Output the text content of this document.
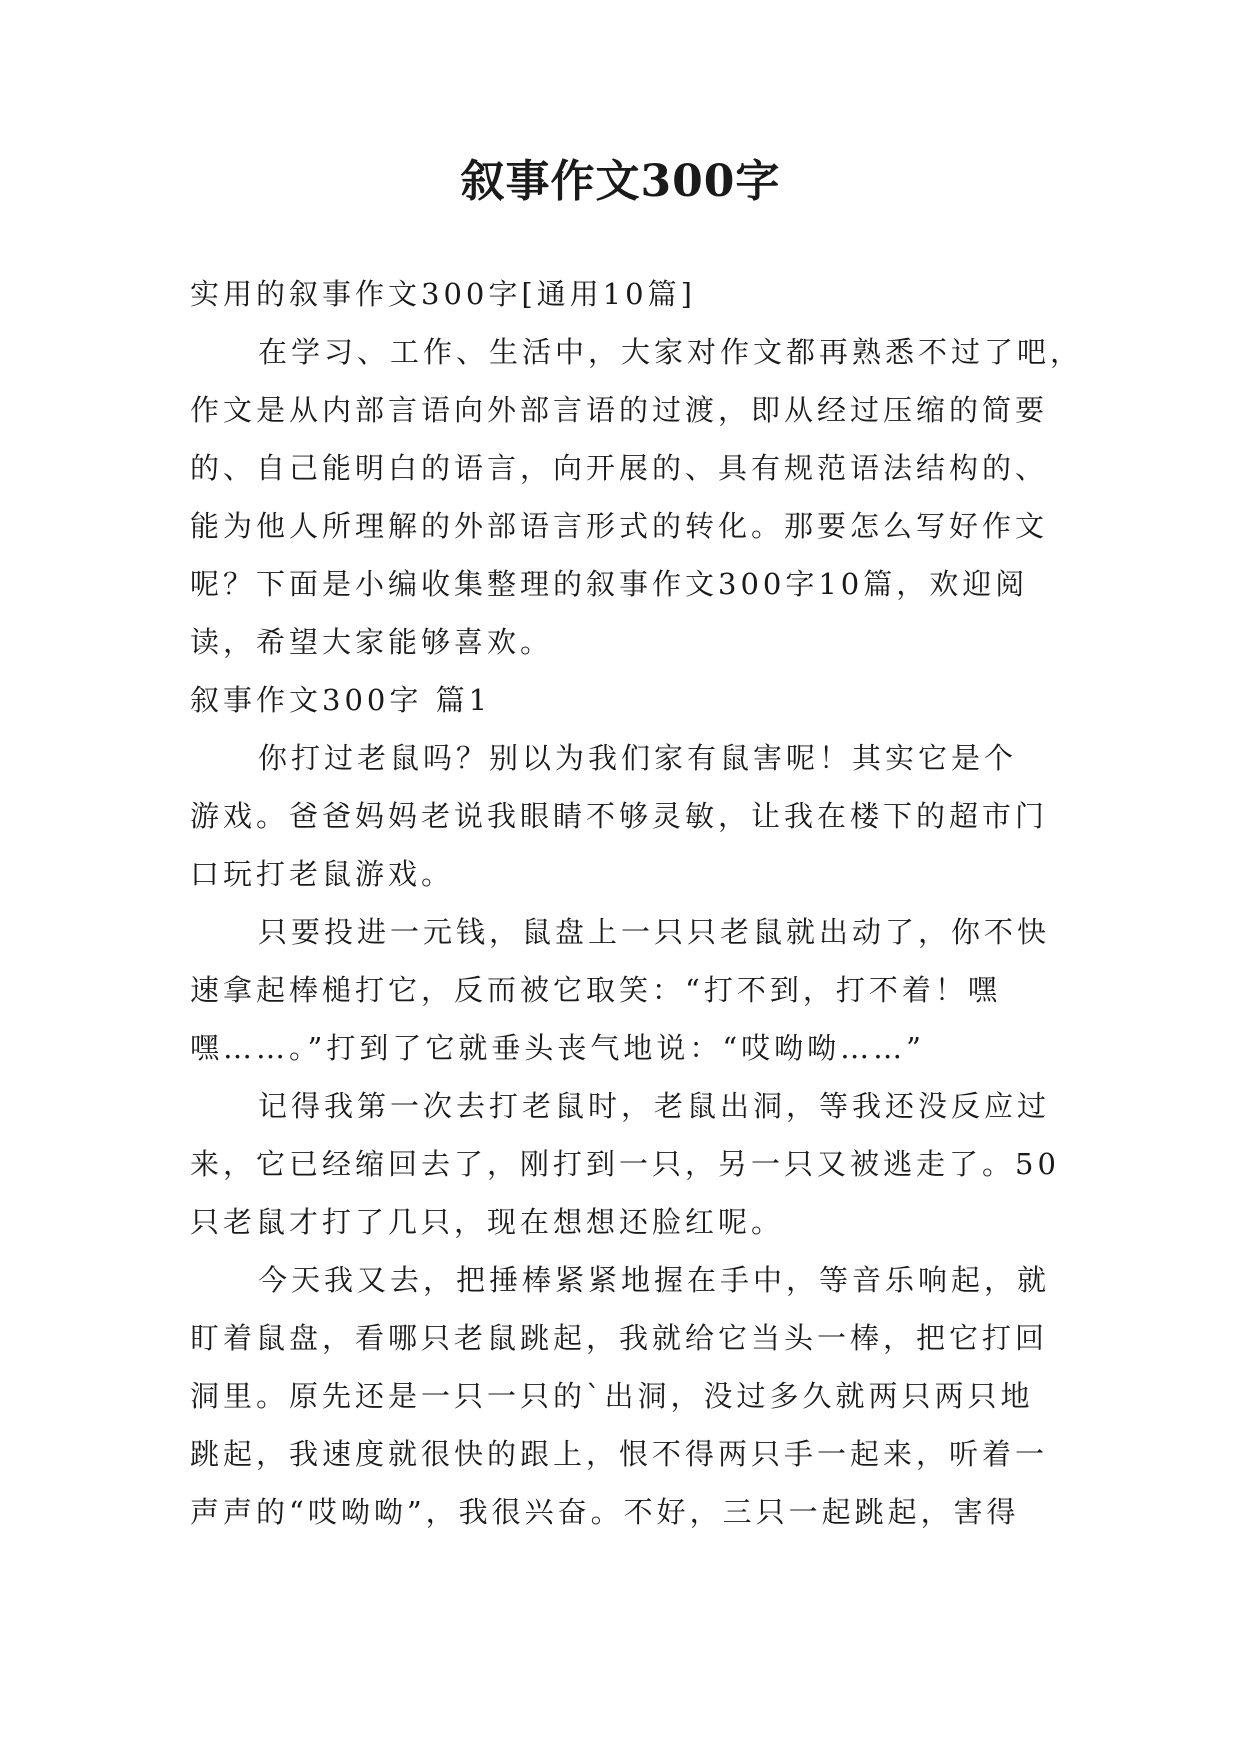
叙事作文300字
实用的叙事作文300字[通用10篇]
在学习、工作、生活中，大家对作文都再熟悉不过了吧，
作文是从内部言语向外部言语的过渡，即从经过压缩的简要
的、自己能明白的语言，向开展的、具有规范语法结构的、
能为他人所理解的外部语言形式的转化。那要怎么写好作文
呢？下面是小编收集整理的叙事作文300字10篇，欢迎阅
读，希望大家能够喜欢。
叙事作文300字 篇1
你打过老鼠吗？别以为我们家有鼠害呢！其实它是个
游戏。爸爸妈妈老说我眼睛不够灵敏，让我在楼下的超市门
口玩打老鼠游戏。
只要投进一元钱，鼠盘上一只只老鼠就出动了，你不快
速拿起棒槌打它，反而被它取笑：“打不到，打不着！嘿
嘿……。”打到了它就垂头丧气地说：“哎呦呦……”
记得我第一次去打老鼠时，老鼠出洞，等我还没反应过
来，它已经缩回去了，刚打到一只，另一只又被逃走了。50
只老鼠才打了几只，现在想想还脸红呢。
今天我又去，把捶棒紧紧地握在手中，等音乐响起，就
盯着鼠盘，看哪只老鼠跳起，我就给它当头一棒，把它打回
洞里。原先还是一只一只的`出洞，没过多久就两只两只地
跳起，我速度就很快的跟上，恨不得两只手一起来，听着一
声声的“哎呦呦”，我很兴奋。不好，三只一起跳起，害得
